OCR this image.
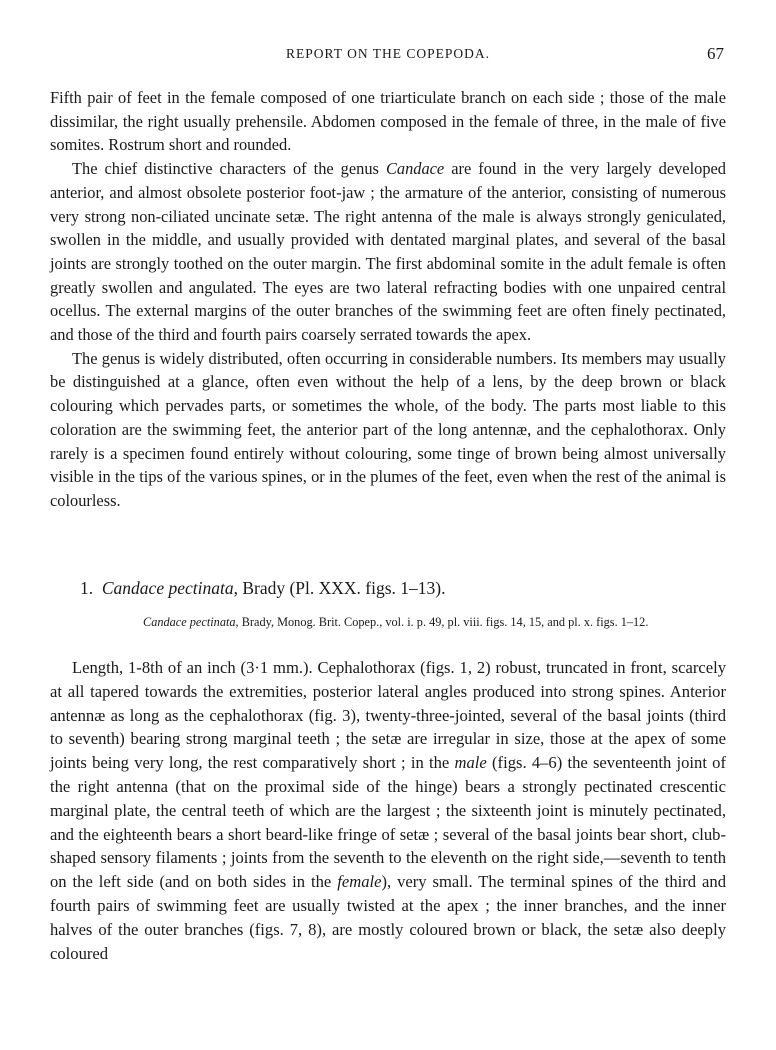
REPORT ON THE COPEPODA.	67

Fifth pair of feet in the female composed of one triarticulate branch on each side ; those of the male dissimilar, the right usually prehensile. Abdomen composed in the female of three, in the male of five somites. Rostrum short and rounded.

The chief distinctive characters of the genus Candace are found in the very largely developed anterior, and almost obsolete posterior foot-jaw ; the armature of the anterior, consisting of numerous very strong non-ciliated uncinate setæ. The right antenna of the male is always strongly geniculated, swollen in the middle, and usually provided with dentated marginal plates, and several of the basal joints are strongly toothed on the outer margin. The first abdominal somite in the adult female is often greatly swollen and angulated. The eyes are two lateral refracting bodies with one unpaired central ocellus. The external margins of the outer branches of the swimming feet are often finely pectinated, and those of the third and fourth pairs coarsely serrated towards the apex.

The genus is widely distributed, often occurring in considerable numbers. Its members may usually be distinguished at a glance, often even without the help of a lens, by the deep brown or black colouring which pervades parts, or sometimes the whole, of the body. The parts most liable to this coloration are the swimming feet, the anterior part of the long antennæ, and the cephalothorax. Only rarely is a specimen found entirely without colouring, some tinge of brown being almost universally visible in the tips of the various spines, or in the plumes of the feet, even when the rest of the animal is colourless.

1. Candace pectinata, Brady (Pl. XXX. figs. 1–13).

Candace pectinata, Brady, Monog. Brit. Copep., vol. i. p. 49, pl. viii. figs. 14, 15, and pl. x. figs. 1–12.

Length, 1-8th of an inch (3·1 mm.). Cephalothorax (figs. 1, 2) robust, truncated in front, scarcely at all tapered towards the extremities, posterior lateral angles produced into strong spines. Anterior antennæ as long as the cephalothorax (fig. 3), twenty-three-jointed, several of the basal joints (third to seventh) bearing strong marginal teeth ; the setæ are irregular in size, those at the apex of some joints being very long, the rest comparatively short ; in the male (figs. 4–6) the seventeenth joint of the right antenna (that on the proximal side of the hinge) bears a strongly pectinated crescentic marginal plate, the central teeth of which are the largest ; the sixteenth joint is minutely pectinated, and the eighteenth bears a short beard-like fringe of setæ ; several of the basal joints bear short, club-shaped sensory filaments ; joints from the seventh to the eleventh on the right side,—seventh to tenth on the left side (and on both sides in the female), very small. The terminal spines of the third and fourth pairs of swimming feet are usually twisted at the apex ; the inner branches, and the inner halves of the outer branches (figs. 7, 8), are mostly coloured brown or black, the setæ also deeply coloured
